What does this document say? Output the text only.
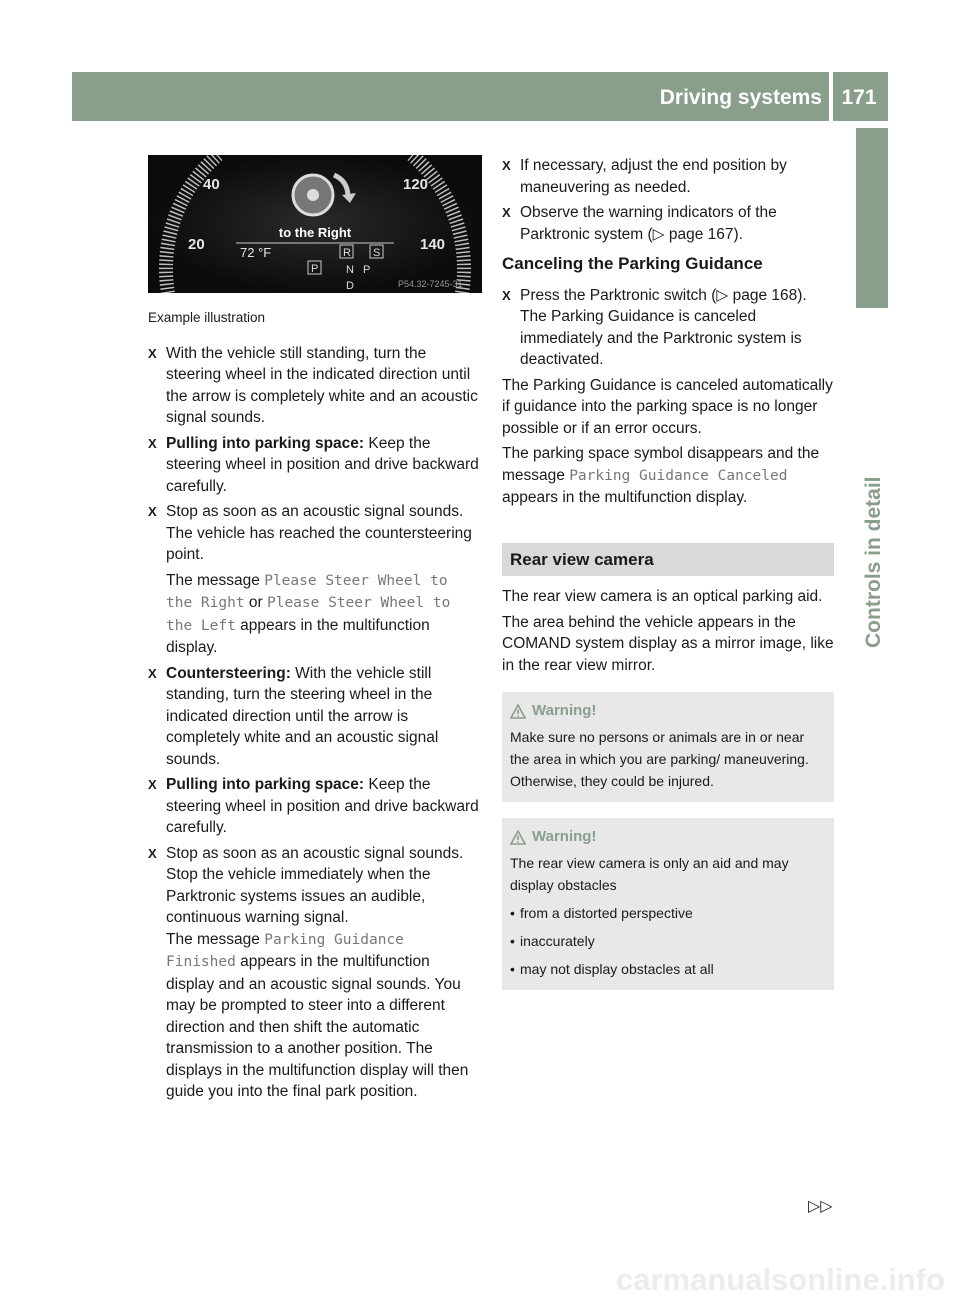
Driving systems 171
Controls in detail
40
20
120
140
to the Right
72 °F	R S
P	N P
D	P54.32-7245-31
Example illustration
X With the vehicle still standing, turn the steering wheel in the indicated direction until the arrow is completely white and an acoustic signal sounds.
X Pulling into parking space: Keep the steering wheel in position and drive backward carefully.
X Stop as soon as an acoustic signal sounds. The vehicle has reached the countersteering point.
The message Please Steer Wheel to the Right or Please Steer Wheel to the Left appears in the multifunction display.
X Countersteering: With the vehicle still standing, turn the steering wheel in the indicated direction until the arrow is completely white and an acoustic signal sounds.
X Pulling into parking space: Keep the steering wheel in position and drive backward carefully.
X Stop as soon as an acoustic signal sounds. Stop the vehicle immediately when the Parktronic systems issues an audible, continuous warning signal.
The message Parking Guidance Finished appears in the multifunction display and an acoustic signal sounds. You may be prompted to steer into a different direction and then shift the automatic transmission to a another position. The displays in the multifunction display will then guide you into the final park position.
X If necessary, adjust the end position by maneuvering as needed.
X Observe the warning indicators of the Parktronic system (▷ page 167).
Canceling the Parking Guidance
X Press the Parktronic switch (▷ page 168). The Parking Guidance is canceled immediately and the Parktronic system is deactivated.
The Parking Guidance is canceled automatically if guidance into the parking space is no longer possible or if an error occurs.
The parking space symbol disappears and the message Parking Guidance Canceled appears in the multifunction display.
Rear view camera
The rear view camera is an optical parking aid.
The area behind the vehicle appears in the COMAND system display as a mirror image, like in the rear view mirror.
Warning!
Make sure no persons or animals are in or near the area in which you are parking/ maneuvering. Otherwise, they could be injured.
Warning!
The rear view camera is only an aid and may display obstacles
• from a distorted perspective
• inaccurately
• may not display obstacles at all
▷▷
carmanualsonline.info
